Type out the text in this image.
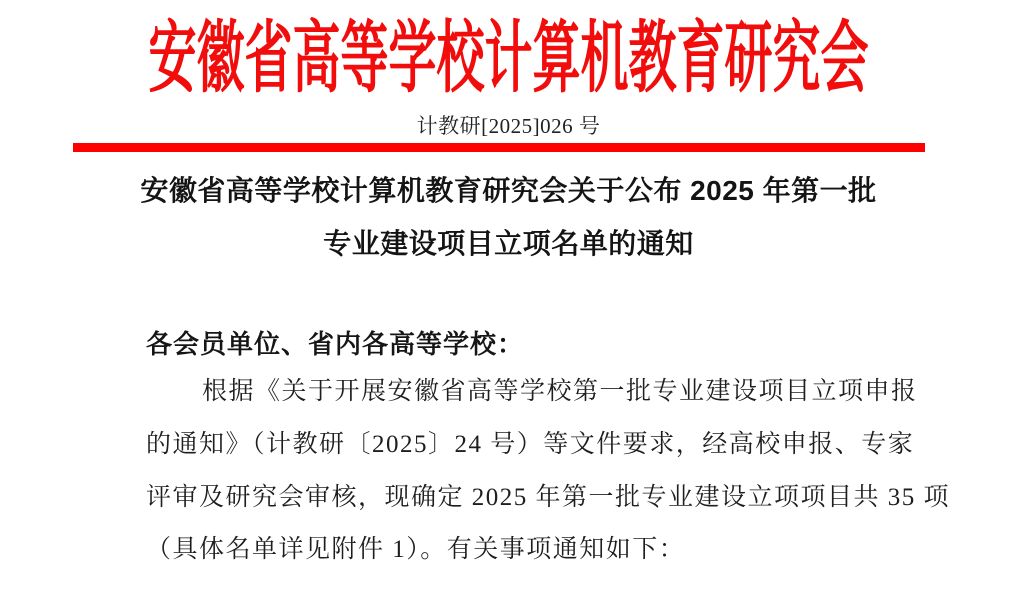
安徽省高等学校计算机教育研究会
计教研[2025]026 号
安徽省高等学校计算机教育研究会关于公布 2025 年第一批
专业建设项目立项名单的通知
各会员单位、省内各高等学校：
根据《关于开展安徽省高等学校第一批专业建设项目立项申报
的通知》（计教研〔2025〕24 号）等文件要求，经高校申报、专家
评审及研究会审核，现确定 2025 年第一批专业建设立项项目共 35 项
（具体名单详见附件 1）。有关事项通知如下：
